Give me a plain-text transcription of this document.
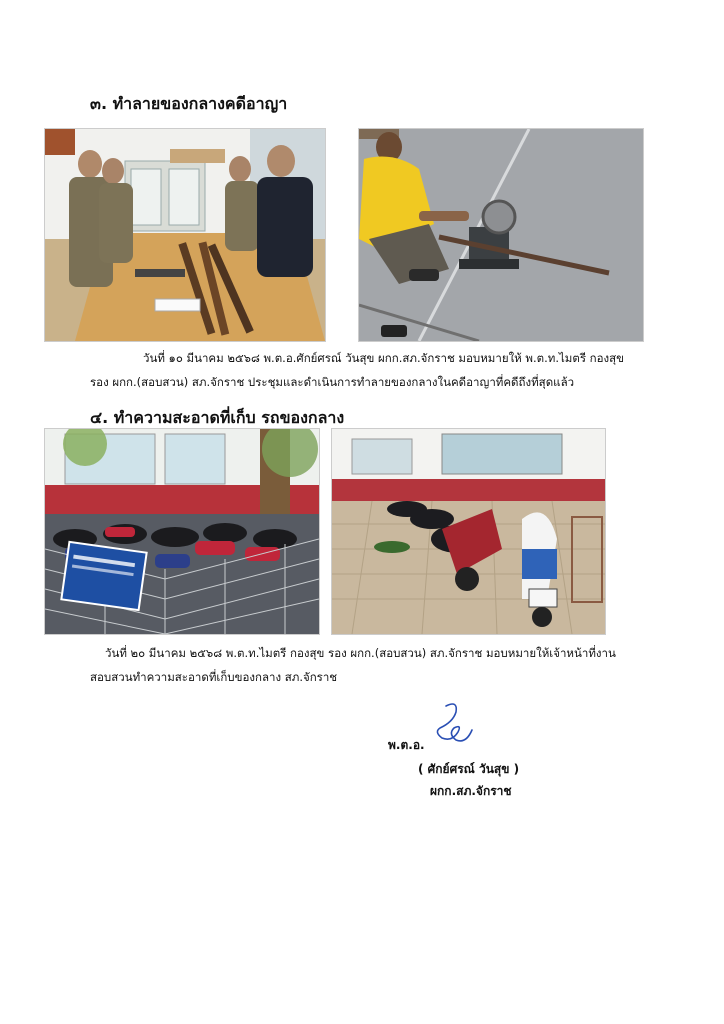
๓. ทำลายของกลางคดีอาญา
วันที่ ๑๐ มีนาคม ๒๕๖๘ พ.ต.อ.ศักย์ศรณ์ วันสุข ผกก.สภ.จักราช มอบหมายให้ พ.ต.ท.ไมตรี กองสุข
รอง ผกก.(สอบสวน) สภ.จักราช ประชุมและดำเนินการทำลายของกลางในคดีอาญาที่คดีถึงที่สุดแล้ว
๔. ทำความสะอาดที่เก็บ รถของกลาง
วันที่ ๒๐ มีนาคม ๒๕๖๘ พ.ต.ท.ไมตรี กองสุข รอง ผกก.(สอบสวน) สภ.จักราช มอบหมายให้เจ้าหน้าที่งาน
สอบสวนทำความสะอาดที่เก็บของกลาง สภ.จักราช
พ.ต.อ.
( ศักย์ศรณ์ วันสุข )
ผกก.สภ.จักราช
